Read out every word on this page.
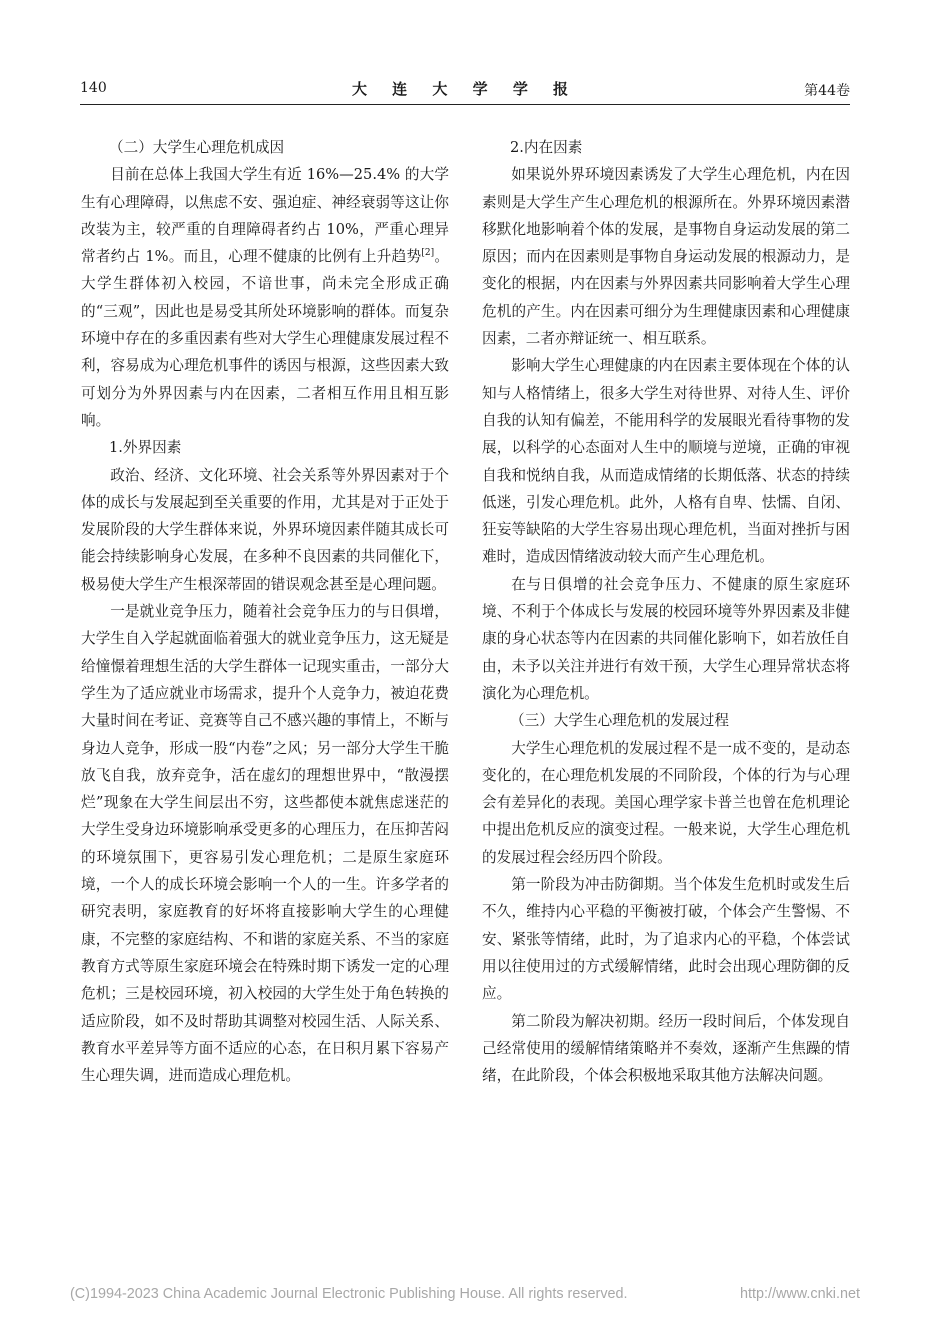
140	大 连 大 学 学 报	第44卷
（二）大学生心理危机成因

目前在总体上我国大学生有近 16%—25.4% 的大学生有心理障碍，以焦虑不安、强迫症、神经衰弱等这让你改装为主，较严重的自理障碍者约占 10%，严重心理异常者约占 1%。而且，心理不健康的比例有上升趋势[2]。大学生群体初入校园，不谙世事，尚未完全形成正确的“三观”，因此也是易受其所处环境影响的群体。而复杂环境中存在的多重因素有些对大学生心理健康发展过程不利，容易成为心理危机事件的诱因与根源，这些因素大致可划分为外界因素与内在因素，二者相互作用且相互影响。

1.外界因素

政治、经济、文化环境、社会关系等外界因素对于个体的成长与发展起到至关重要的作用，尤其是对于正处于发展阶段的大学生群体来说，外界环境因素伴随其成长可能会持续影响身心发展，在多种不良因素的共同催化下，极易使大学生产生根深蒂固的错误观念甚至是心理问题。

一是就业竞争压力，随着社会竞争压力的与日俱增，大学生自入学起就面临着强大的就业竞争压力，这无疑是给憧憬着理想生活的大学生群体一记现实重击，一部分大学生为了适应就业市场需求，提升个人竞争力，被迫花费大量时间在考证、竞赛等自己不感兴趣的事情上，不断与身边人竞争，形成一股“内卷”之风；另一部分大学生干脆放飞自我，放弃竞争，活在虚幻的理想世界中，“散漫摆烂”现象在大学生间层出不穷，这些都使本就焦虑迷茫的大学生受身边环境影响承受更多的心理压力，在压抑苦闷的环境氛围下，更容易引发心理危机；二是原生家庭环境，一个人的成长环境会影响一个人的一生。许多学者的研究表明，家庭教育的好坏将直接影响大学生的心理健康，不完整的家庭结构、不和谐的家庭关系、不当的家庭教育方式等原生家庭环境会在特殊时期下诱发一定的心理危机；三是校园环境，初入校园的大学生处于角色转换的适应阶段，如不及时帮助其调整对校园生活、人际关系、教育水平差异等方面不适应的心态，在日积月累下容易产生心理失调，进而造成心理危机。

2.内在因素

如果说外界环境因素诱发了大学生心理危机，内在因素则是大学生产生心理危机的根源所在。外界环境因素潜移默化地影响着个体的发展，是事物自身运动发展的第二原因；而内在因素则是事物自身运动发展的根源动力，是变化的根据，内在因素与外界因素共同影响着大学生心理危机的产生。内在因素可细分为生理健康因素和心理健康因素，二者亦辩证统一、相互联系。

影响大学生心理健康的内在因素主要体现在个体的认知与人格情绪上，很多大学生对待世界、对待人生、评价自我的认知有偏差，不能用科学的发展眼光看待事物的发展，以科学的心态面对人生中的顺境与逆境，正确的审视自我和悦纳自我，从而造成情绪的长期低落、状态的持续低迷，引发心理危机。此外，人格有自卑、怯懦、自闭、狂妄等缺陷的大学生容易出现心理危机，当面对挫折与困难时，造成因情绪波动较大而产生心理危机。

在与日俱增的社会竞争压力、不健康的原生家庭环境、不利于个体成长与发展的校园环境等外界因素及非健康的身心状态等内在因素的共同催化影响下，如若放任自由，未予以关注并进行有效干预，大学生心理异常状态将演化为心理危机。

（三）大学生心理危机的发展过程

大学生心理危机的发展过程不是一成不变的，是动态变化的，在心理危机发展的不同阶段，个体的行为与心理会有差异化的表现。美国心理学家卡普兰也曾在危机理论中提出危机反应的演变过程。一般来说，大学生心理危机的发展过程会经历四个阶段。

第一阶段为冲击防御期。当个体发生危机时或发生后不久，维持内心平稳的平衡被打破，个体会产生警惕、不安、紧张等情绪，此时，为了追求内心的平稳，个体尝试用以往使用过的方式缓解情绪，此时会出现心理防御的反应。

第二阶段为解决初期。经历一段时间后，个体发现自己经常使用的缓解情绪策略并不奏效，逐渐产生焦躁的情绪，在此阶段，个体会积极地采取其他方法解决问题。

(C)1994-2023 China Academic Journal Electronic Publishing House. All rights reserved.	http://www.cnki.net
